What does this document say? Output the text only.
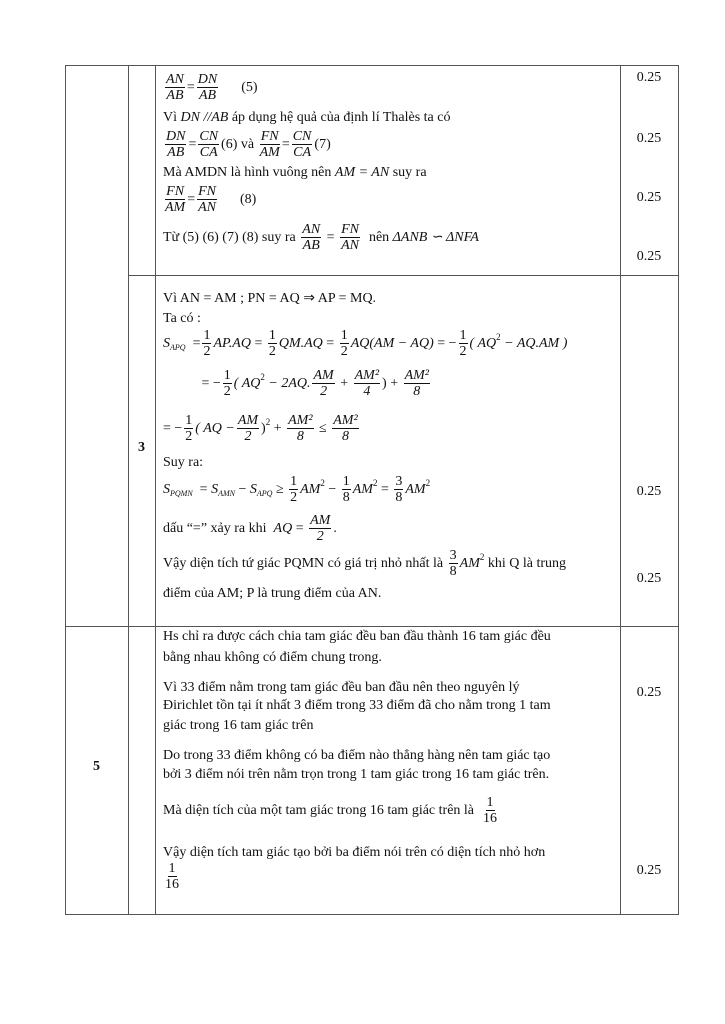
3
5
$\frac{AN}{AB} = \frac{DN}{AB} (5)$
Vì DN //AB áp dụng hệ quả của định lí Thalès ta có
$\frac{DN}{AB} = \frac{CN}{CA} (6)$ và $\frac{FN}{AM} = \frac{CN}{CA} (7)$
Mà AMDN là hình vuông nên AM = AN suy ra
$\frac{FN}{AM} = \frac{FN}{AN} (8)$
Từ (5) (6) (7) (8) suy ra $\frac{AN}{AB} = \frac{FN}{AN}$ nên ΔANB ∽ ΔNFA
0.25
0.25
0.25
0.25
Vì AN = AM ; PN = AQ ⇒ AP = MQ.
Ta có :
S APQ = $\frac{1}{2} AP.AQ = \frac{1}{2} QM.AQ = \frac{1}{2} AQ(AM - AQ)$ = − $\frac{1}{2}$ ( AQ 2 − AQ.AM )
= − $\frac{1}{2}$ ( AQ 2 − 2AQ. $\frac{AM}{2} + \frac{\text{AM²}}{4}$ ) + $\frac{\text{AM²}}{8}$
= − $\frac{1}{2}$ ( AQ − $\frac{AM}{2}$ ) $2 + \frac{\text{AM²}}{8} \le \frac{\text{AM²}}{8}$
Suy ra:
S PQMN = S AMN − S APQ ≥ $\frac{1}{2}$ AM $2 - \frac{1}{8}$ AM $2 = \frac{3}{8}$ AM 2
dấu “=” xảy ra khi AQ = $\frac{AM}{2}$ .
Vậy diện tích tứ giác PQMN có giá trị nhỏ nhất là $\frac{3}{8}$ AM 2 khi Q là trung
điểm của AM; P là trung điểm của AN.
0.25
0.25
Hs chỉ ra được cách chia tam giác đều ban đầu thành 16 tam giác đều
bằng nhau không có điểm chung trong.
Vì 33 điểm nằm trong tam giác đều ban đầu nên theo nguyên lý
Đirichlet tồn tại ít nhất 3 điểm trong 33 điểm đã cho nằm trong 1 tam
giác trong 16 tam giác trên
Do trong 33 điểm không có ba điểm nào thẳng hàng nên tam giác tạo
bởi 3 điểm nói trên nằm trọn trong 1 tam giác trong 16 tam giác trên.
Mà diện tích của một tam giác trong 16 tam giác trên là $\frac{1}{16}$
Vậy diện tích tam giác tạo bởi ba điểm nói trên có diện tích nhỏ hơn
$\frac{1}{16}$
0.25
0.25
